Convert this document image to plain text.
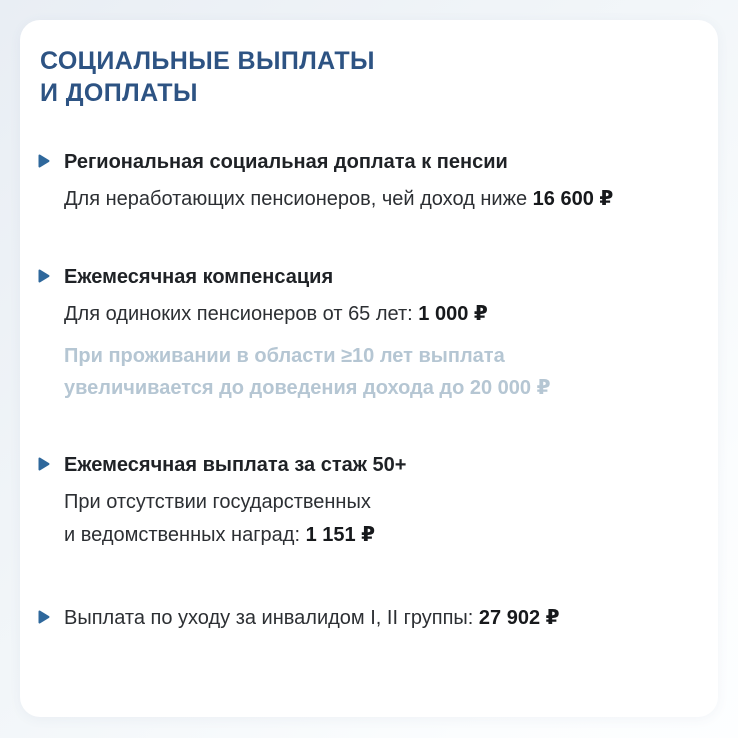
СОЦИАЛЬНЫЕ ВЫПЛАТЫ
И ДОПЛАТЫ
Региональная социальная доплата к пенсии
Для неработающих пенсионеров, чей доход ниже 16 600 ₽
Ежемесячная компенсация
Для одиноких пенсионеров от 65 лет: 1 000 ₽
При проживании в области ≥10 лет выплата
увеличивается до доведения дохода до 20 000 ₽
Ежемесячная выплата за стаж 50+
При отсутствии государственных
и ведомственных наград: 1 151 ₽
Выплата по уходу за инвалидом I, II группы: 27 902 ₽
